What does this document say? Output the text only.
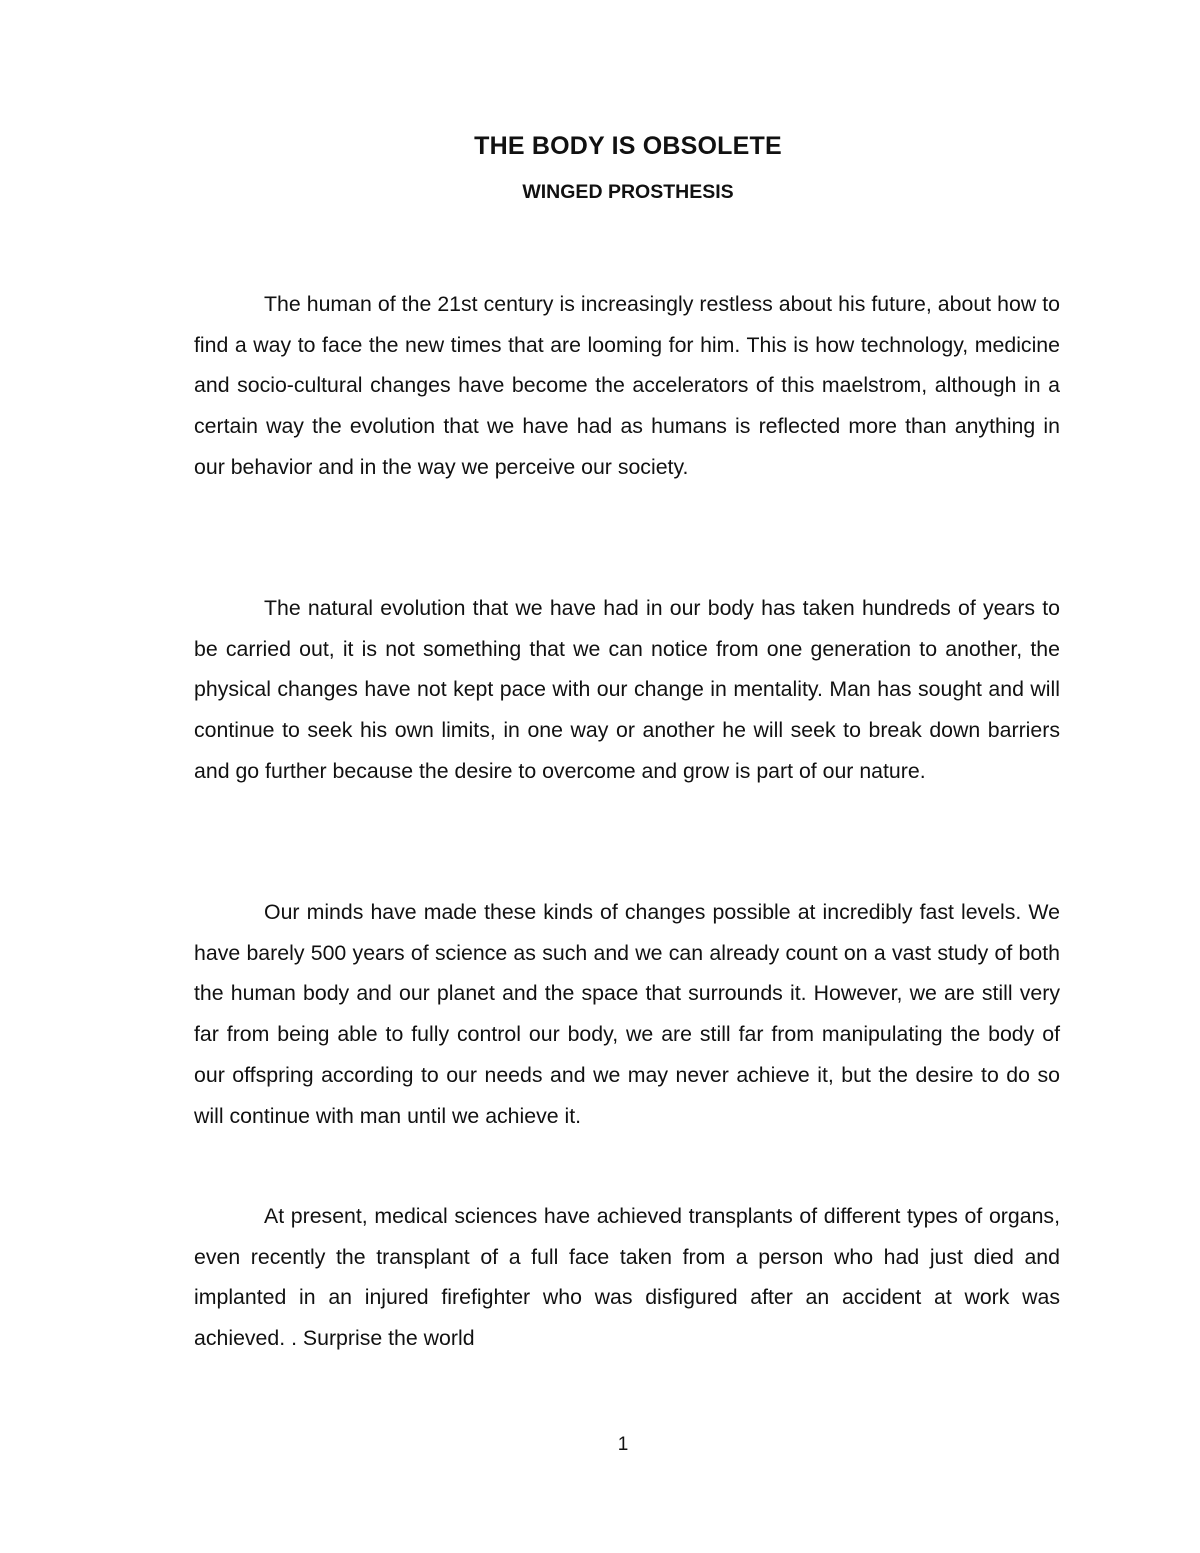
THE BODY IS OBSOLETE
WINGED PROSTHESIS

The human of the 21st century is increasingly restless about his future, about how to find a way to face the new times that are looming for him. This is how technology, medicine and socio-cultural changes have become the accelerators of this maelstrom, although in a certain way the evolution that we have had as humans is reflected more than anything in our behavior and in the way we perceive our society.

The natural evolution that we have had in our body has taken hundreds of years to be carried out, it is not something that we can notice from one generation to another, the physical changes have not kept pace with our change in mentality. Man has sought and will continue to seek his own limits, in one way or another he will seek to break down barriers and go further because the desire to overcome and grow is part of our nature.

Our minds have made these kinds of changes possible at incredibly fast levels. We have barely 500 years of science as such and we can already count on a vast study of both the human body and our planet and the space that surrounds it. However, we are still very far from being able to fully control our body, we are still far from manipulating the body of our offspring according to our needs and we may never achieve it, but the desire to do so will continue with man until we achieve it.

At present, medical sciences have achieved transplants of different types of organs, even recently the transplant of a full face taken from a person who had just died and implanted in an injured firefighter who was disfigured after an accident at work was achieved. . Surprise the world

1
